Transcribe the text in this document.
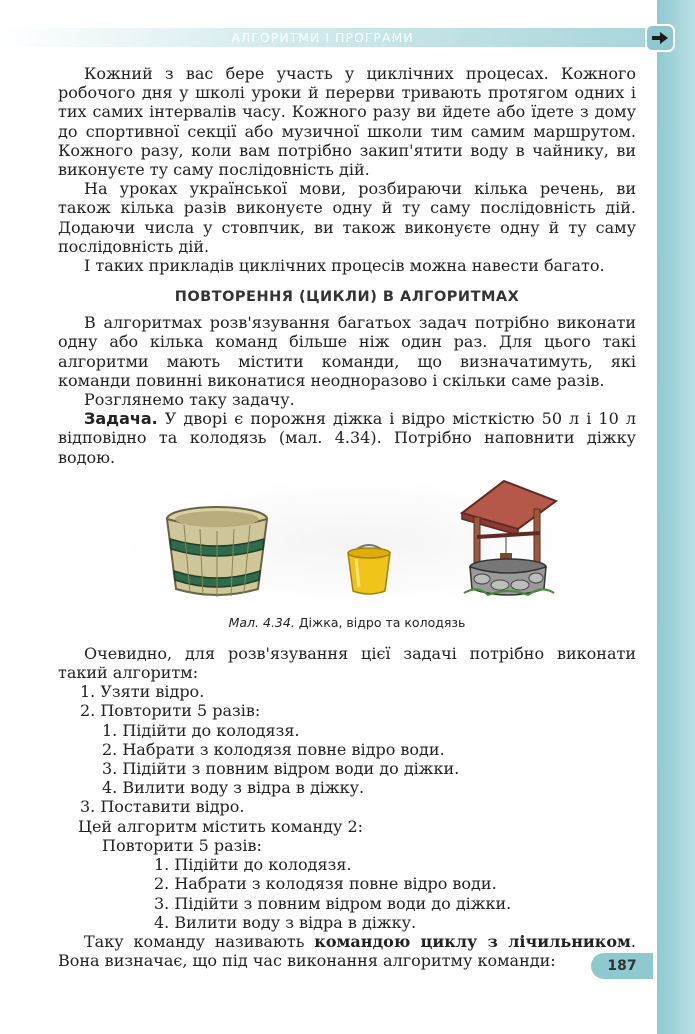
АЛГОРИТМИ І ПРОГРАМИ

Кожний з вас бере участь у циклічних процесах. Кожного робочого дня у школі уроки й перерви тривають протягом одних і тих самих інтервалів часу. Кожного разу ви йдете або їдете з дому до спортивної секції або музичної школи тим самим маршрутом. Кожного разу, коли вам потрібно закип'ятити воду в чайнику, ви виконуєте ту саму послідовність дій.

На уроках української мови, розбираючи кілька речень, ви також кілька разів виконуєте одну й ту саму послідовність дій. Додаючи числа у стовпчик, ви також виконуєте одну й ту саму послідовність дій.

І таких прикладів циклічних процесів можна навести багато.

ПОВТОРЕННЯ (ЦИКЛИ) В АЛГОРИТМАХ

В алгоритмах розв'язування багатьох задач потрібно виконати одну або кілька команд більше ніж один раз. Для цього такі алгоритми мають містити команди, що визначатимуть, які команди повинні виконатися неодноразово і скільки саме разів.

Розглянемо таку задачу.

Задача. У дворі є порожня діжка і відро місткістю 50 л і 10 л відповідно та колодязь (мал. 4.34). Потрібно наповнити діжку водою.

Мал. 4.34. Діжка, відро та колодязь

Очевидно, для розв'язування цієї задачі потрібно виконати такий алгоритм:

1. Узяти відро.
2. Повторити 5 разів:
1. Підійти до колодязя.
2. Набрати з колодязя повне відро води.
3. Підійти з повним відром води до діжки.
4. Вилити воду з відра в діжку.
3. Поставити відро.
Цей алгоритм містить команду 2:
Повторити 5 разів:
1. Підійти до колодязя.
2. Набрати з колодязя повне відро води.
3. Підійти з повним відром води до діжки.
4. Вилити воду з відра в діжку.

Таку команду називають командою циклу з лічильником. Вона визначає, що під час виконання алгоритму команди:	187
